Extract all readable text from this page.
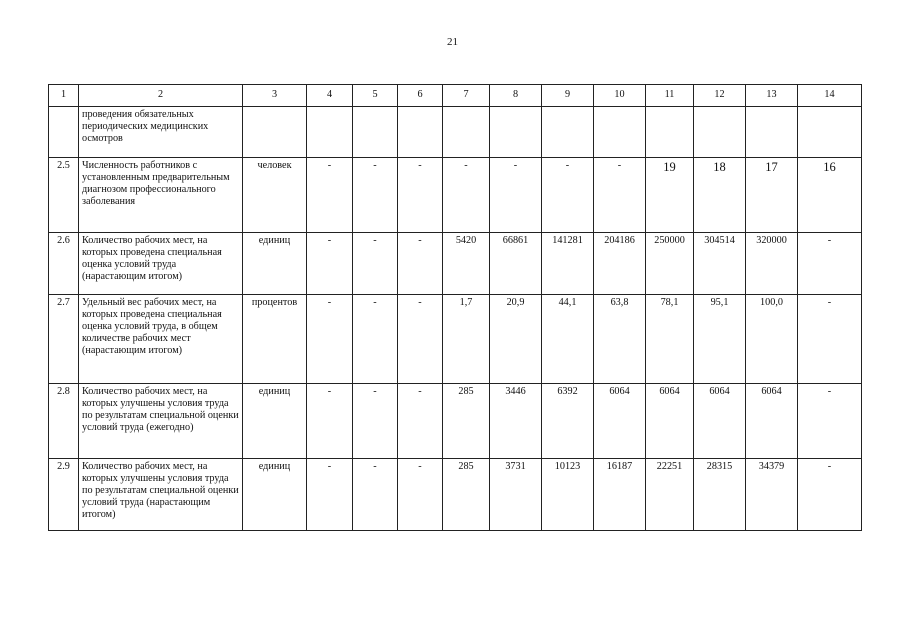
21
1	2	3	4	5	6	7	8	9	10	11	12	13	14
	проведения обязательных периодических медицинских осмотров												
2.5	Численность работников с установленным предварительным диагнозом профессионального заболевания	человек	-	-	-	-	-	-	-	19	18	17	16
2.6	Количество рабочих мест, на которых проведена специальная оценка условий труда (нарастающим итогом)	единиц	-	-	-	5420	66861	141281	204186	250000	304514	320000	-
2.7	Удельный вес рабочих мест, на которых проведена специальная оценка условий труда, в общем количестве рабочих мест (нарастающим итогом)	процентов	-	-	-	1,7	20,9	44,1	63,8	78,1	95,1	100,0	-
2.8	Количество рабочих мест, на которых улучшены условия труда по результатам специальной оценки условий труда (ежегодно)	единиц	-	-	-	285	3446	6392	6064	6064	6064	6064	-
2.9	Количество рабочих мест, на которых улучшены условия труда по результатам специальной оценки условий труда (нарастающим итогом)	единиц	-	-	-	285	3731	10123	16187	22251	28315	34379	-
